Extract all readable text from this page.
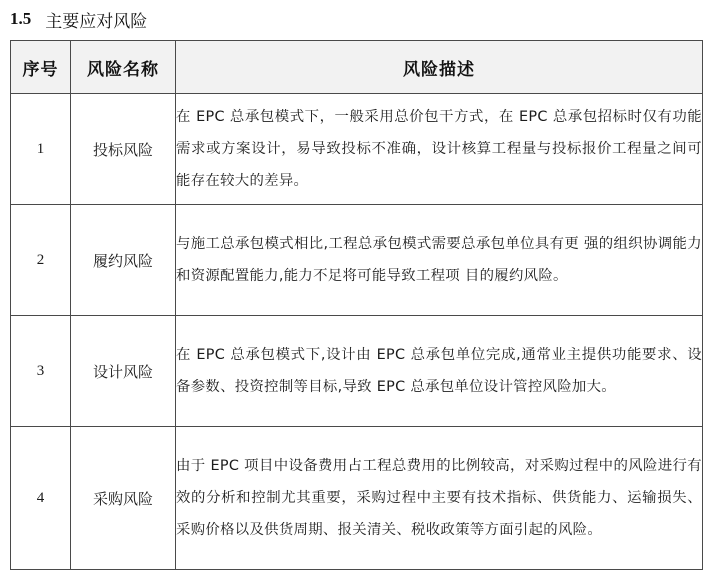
1.5 主要应对风险
序号	风险名称	风险描述
1	投标风险	在 EPC 总承包模式下，一般采用总价包干方式，在 EPC 总承包招标时仅有功能需求或方案设计，易导致投标不准确，设计核算工程量与投标报价工程量之间可能存在较大的差异。
2	履约风险	与施工总承包模式相比,工程总承包模式需要总承包单位具有更 强的组织协调能力和资源配置能力,能力不足将可能导致工程项 目的履约风险。
3	设计风险	在 EPC 总承包模式下,设计由 EPC 总承包单位完成,通常业主提供功能要求、设备参数、投资控制等目标,导致 EPC 总承包单位设计管控风险加大。
4	采购风险	由于 EPC 项目中设备费用占工程总费用的比例较高，对采购过程中的风险进行有效的分析和控制尤其重要，采购过程中主要有技术指标、供货能力、运输损失、采购价格以及供货周期、报关清关、税收政策等方面引起的风险。
